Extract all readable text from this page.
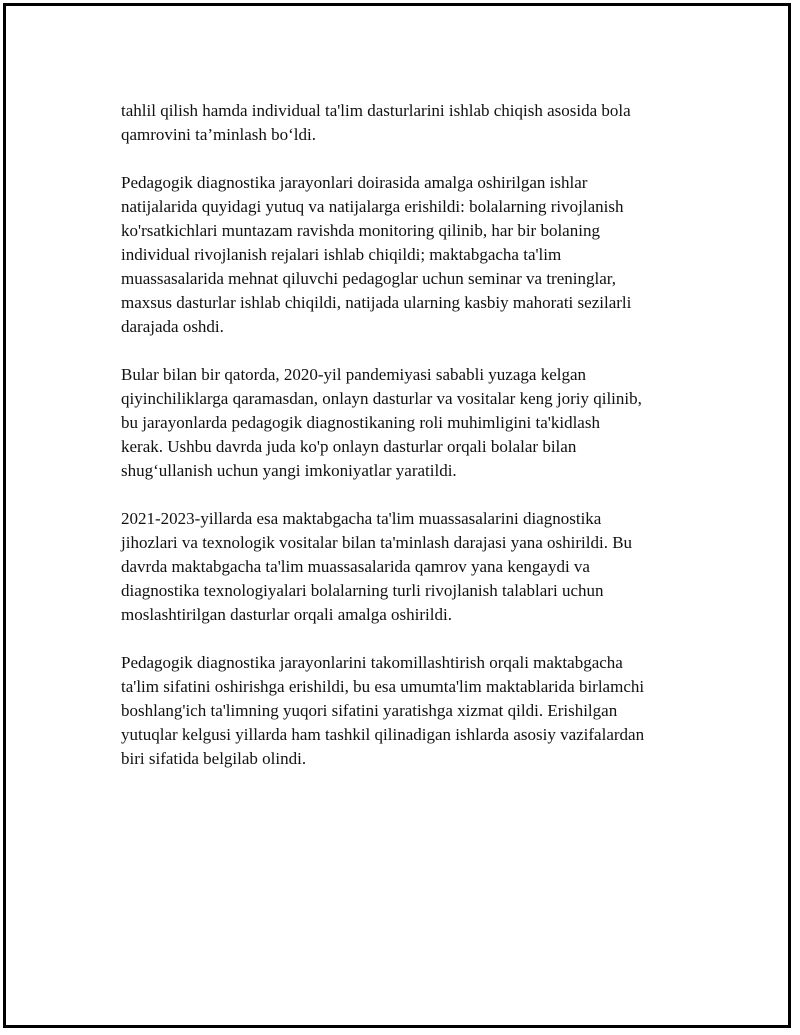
tahlil qilish hamda individual ta'lim dasturlarini ishlab chiqish asosida bola
qamrovini ta’minlash bo‘ldi.

Pedagogik diagnostika jarayonlari doirasida amalga oshirilgan ishlar
natijalarida quyidagi yutuq va natijalarga erishildi: bolalarning rivojlanish
ko'rsatkichlari muntazam ravishda monitoring qilinib, har bir bolaning
individual rivojlanish rejalari ishlab chiqildi; maktabgacha ta'lim
muassasalarida mehnat qiluvchi pedagoglar uchun seminar va treninglar,
maxsus dasturlar ishlab chiqildi, natijada ularning kasbiy mahorati sezilarli
darajada oshdi.

Bular bilan bir qatorda, 2020-yil pandemiyasi sababli yuzaga kelgan
qiyinchiliklarga qaramasdan, onlayn dasturlar va vositalar keng joriy qilinib,
bu jarayonlarda pedagogik diagnostikaning roli muhimligini ta'kidlash
kerak. Ushbu davrda juda ko'p onlayn dasturlar orqali bolalar bilan
shug‘ullanish uchun yangi imkoniyatlar yaratildi.

2021-2023-yillarda esa maktabgacha ta'lim muassasalarini diagnostika
jihozlari va texnologik vositalar bilan ta'minlash darajasi yana oshirildi. Bu
davrda maktabgacha ta'lim muassasalarida qamrov yana kengaydi va
diagnostika texnologiyalari bolalarning turli rivojlanish talablari uchun
moslashtirilgan dasturlar orqali amalga oshirildi.

Pedagogik diagnostika jarayonlarini takomillashtirish orqali maktabgacha
ta'lim sifatini oshirishga erishildi, bu esa umumta'lim maktablarida birlamchi
boshlang'ich ta'limning yuqori sifatini yaratishga xizmat qildi. Erishilgan
yutuqlar kelgusi yillarda ham tashkil qilinadigan ishlarda asosiy vazifalardan
biri sifatida belgilab olindi.
